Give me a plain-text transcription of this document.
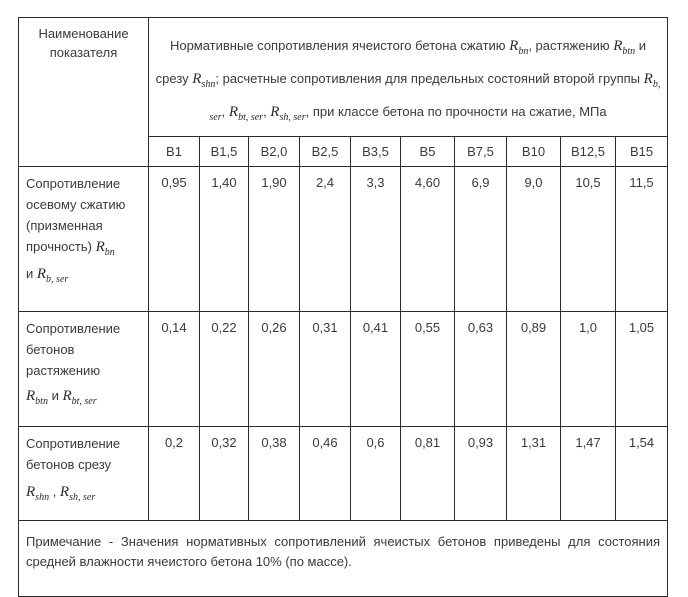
Наименование показателя	Нормативные сопротивления ячеистого бетона сжатию $R_{bn}$, растяжению $R_{btn}$ и срезу $R_{shn}$; расчетные сопротивления для предельных состояний второй группы $R_{b, ser}$, $R_{bt, ser}$, $R_{sh, ser}$, при классе бетона по прочности на сжатие, МПа									
	В1	В1,5	В2,0	В2,5	В3,5	В5	В7,5	В10	В12,5	В15

Сопротивление
осевому сжатию
(призменная
прочность) $R_{bn}$
и $R_{b, ser}$	0,95	1,40	1,90	2,4	3,3	4,60	6,9	9,0	10,5	11,5

Сопротивление
бетонов
растяжению
$R_{btn}$ и $R_{bt, ser}$	0,14	0,22	0,26	0,31	0,41	0,55	0,63	0,89	1,0	1,05

Сопротивление
бетонов срезу
$R_{shn}$ , $R_{sh, ser}$	0,2	0,32	0,38	0,46	0,6	0,81	0,93	1,31	1,47	1,54
Примечание - Значения нормативных сопротивлений ячеистых бетонов приведены для состояния средней влажности ячеистого бетона 10% (по массе).										
